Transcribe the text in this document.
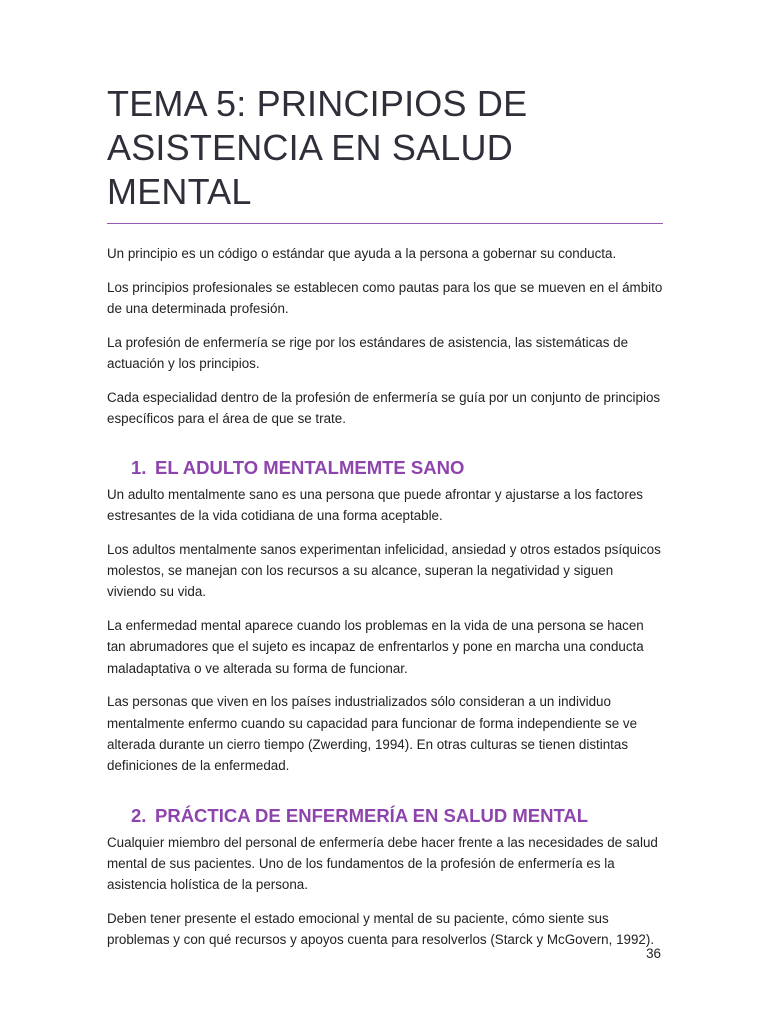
TEMA 5: PRINCIPIOS DE
ASISTENCIA EN SALUD MENTAL

Un principio es un código o estándar que ayuda a la persona a gobernar su conducta.

Los principios profesionales se establecen como pautas para los que se mueven en el ámbito de una determinada profesión.

La profesión de enfermería se rige por los estándares de asistencia, las sistemáticas de actuación y los principios.

Cada especialidad dentro de la profesión de enfermería se guía por un conjunto de principios específicos para el área de que se trate.

1. EL ADULTO MENTALMEMTE SANO

Un adulto mentalmente sano es una persona que puede afrontar y ajustarse a los factores estresantes de la vida cotidiana de una forma aceptable.

Los adultos mentalmente sanos experimentan infelicidad, ansiedad y otros estados psíquicos molestos, se manejan con los recursos a su alcance, superan la negatividad y siguen viviendo su vida.

La enfermedad mental aparece cuando los problemas en la vida de una persona se hacen tan abrumadores que el sujeto es incapaz de enfrentarlos y pone en marcha una conducta maladaptativa o ve alterada su forma de funcionar.

Las personas que viven en los países industrializados sólo consideran a un individuo mentalmente enfermo cuando su capacidad para funcionar de forma independiente se ve alterada durante un cierro tiempo (Zwerding, 1994). En otras culturas se tienen distintas definiciones de la enfermedad.

2. PRÁCTICA DE ENFERMERÍA EN SALUD MENTAL

Cualquier miembro del personal de enfermería debe hacer frente a las necesidades de salud mental de sus pacientes. Uno de los fundamentos de la profesión de enfermería es la asistencia holística de la persona.

Deben tener presente el estado emocional y mental de su paciente, cómo siente sus problemas y con qué recursos y apoyos cuenta para resolverlos (Starck y McGovern, 1992).

36
